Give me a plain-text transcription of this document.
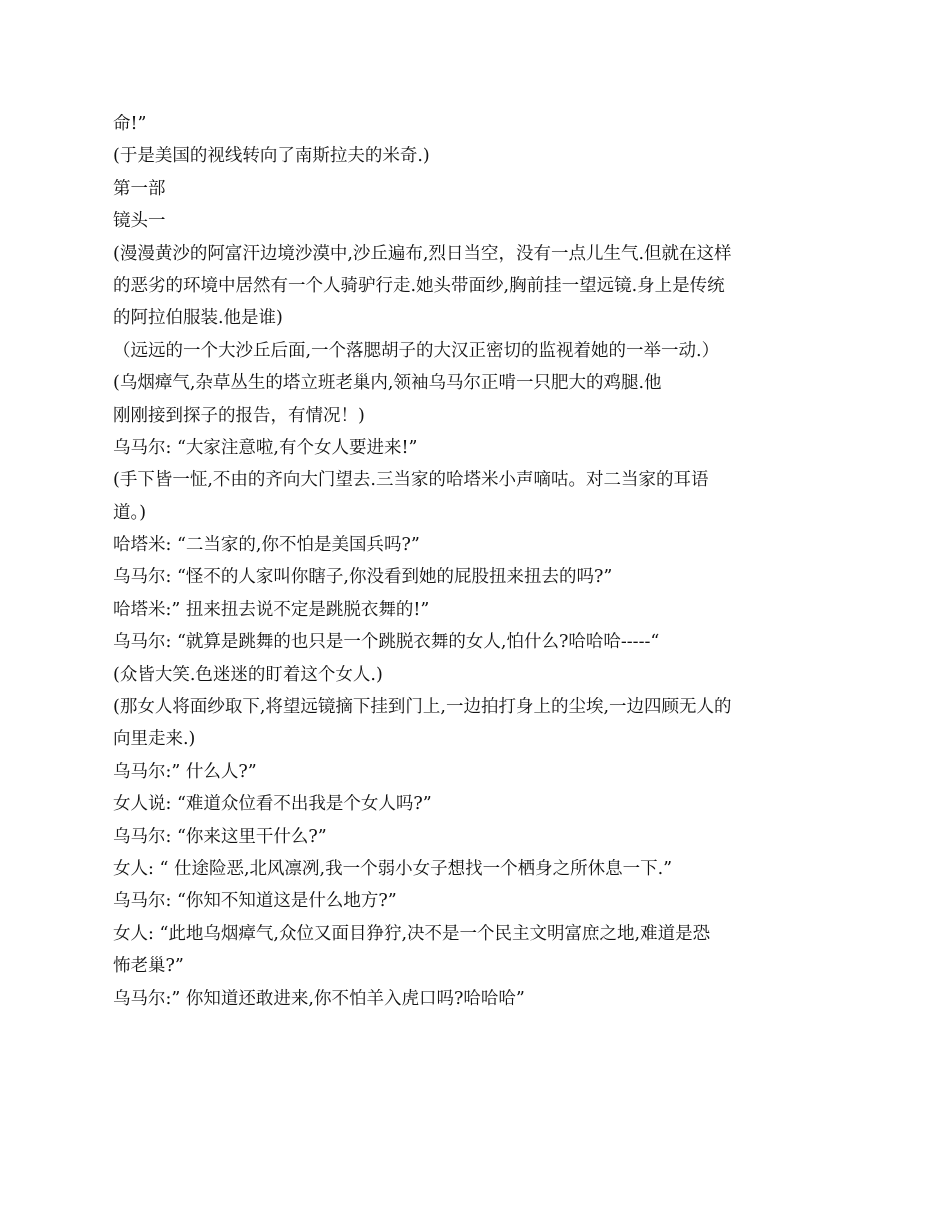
命!”
(于是美国的视线转向了南斯拉夫的米奇.)
第一部
镜头一
(漫漫黄沙的阿富汗边境沙漠中,沙丘遍布,烈日当空，没有一点儿生气.但就在这样
的恶劣的环境中居然有一个人骑驴行走.她头带面纱,胸前挂一望远镜.身上是传统
的阿拉伯服装.他是谁)
（远远的一个大沙丘后面,一个落腮胡子的大汉正密切的监视着她的一举一动.）
(乌烟瘴气,杂草丛生的塔立班老巢内,领袖乌马尔正啃一只肥大的鸡腿.他
刚刚接到探子的报告，有情况！)
乌马尔: “大家注意啦,有个女人要进来!”
(手下皆一怔,不由的齐向大门望去.三当家的哈塔米小声嘀咕。对二当家的耳语
道。)
哈塔米: “二当家的,你不怕是美国兵吗?”
乌马尔: “怪不的人家叫你瞎子,你没看到她的屁股扭来扭去的吗?”
哈塔米:” 扭来扭去说不定是跳脱衣舞的!”
乌马尔: “就算是跳舞的也只是一个跳脱衣舞的女人,怕什么?哈哈哈-----“
(众皆大笑.色迷迷的盯着这个女人.)
(那女人将面纱取下,将望远镜摘下挂到门上,一边拍打身上的尘埃,一边四顾无人的
向里走来.)
乌马尔:” 什么人?”
女人说: “难道众位看不出我是个女人吗?”
乌马尔: “你来这里干什么?”
女人: “ 仕途险恶,北风凛冽,我一个弱小女子想找一个栖身之所休息一下.”
乌马尔: “你知不知道这是什么地方?”
女人: “此地乌烟瘴气,众位又面目狰狞,决不是一个民主文明富庶之地,难道是恐
怖老巢?”
乌马尔:” 你知道还敢进来,你不怕羊入虎口吗?哈哈哈”
